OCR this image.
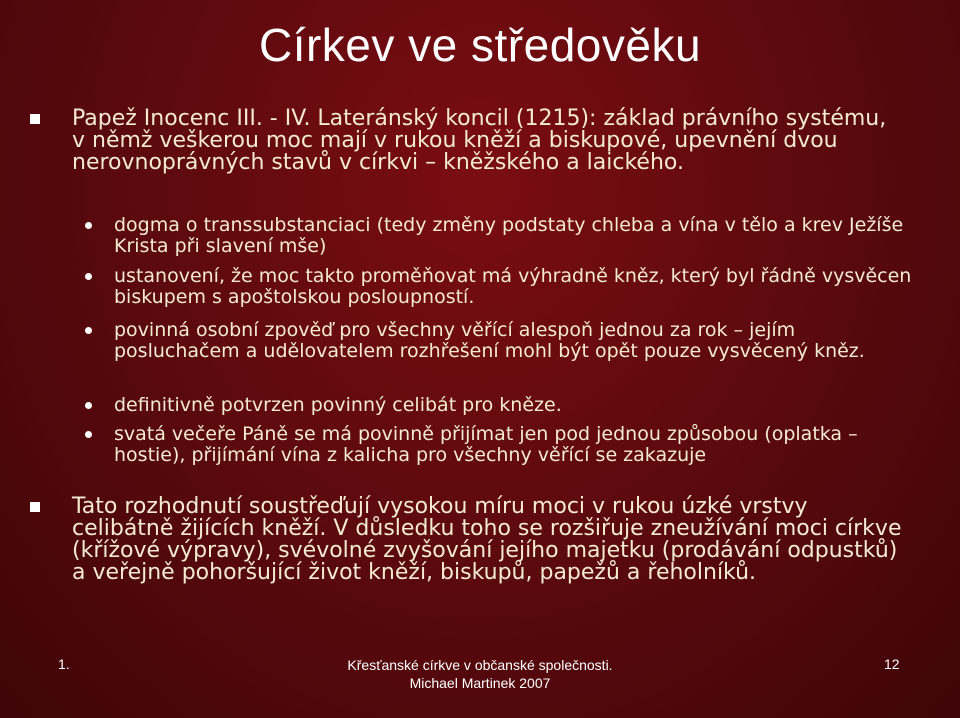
Církev ve středověku
Papež Inocenc III. - IV. Lateránský koncil (1215): základ právního systému, v němž veškerou moc mají v rukou kněží a biskupové, upevnění dvou nerovnoprávných stavů v církvi – kněžského a laického.
dogma o transsubstanciaci (tedy změny podstaty chleba a vína v tělo a krev Ježíše Krista při slavení mše)
ustanovení, že moc takto proměňovat má výhradně kněz, který byl řádně vysvěcen biskupem s apoštolskou posloupností.
povinná osobní zpověď pro všechny věřící alespoň jednou za rok – jejím posluchačem a udělovatelem rozhřešení mohl být opět pouze vysvěcený kněz.
definitivně potvrzen povinný celibát pro kněze.
svatá večeře Páně se má povinně přijímat jen pod jednou způsobou (oplatka – hostie), přijímání vína z kalicha pro všechny věřící se zakazuje
Tato rozhodnutí soustřeďují vysokou míru moci v rukou úzké vrstvy celibátně žijících kněží. V důsledku toho se rozšiřuje zneužívání moci církve (křížové výpravy), svévolné zvyšování jejího majetku (prodávání odpustků) a veřejně pohoršující život kněží, biskupů, papežů a řeholníků.
1.	Křesťanské církve v občanské společnosti.
Michael Martinek 2007
12
